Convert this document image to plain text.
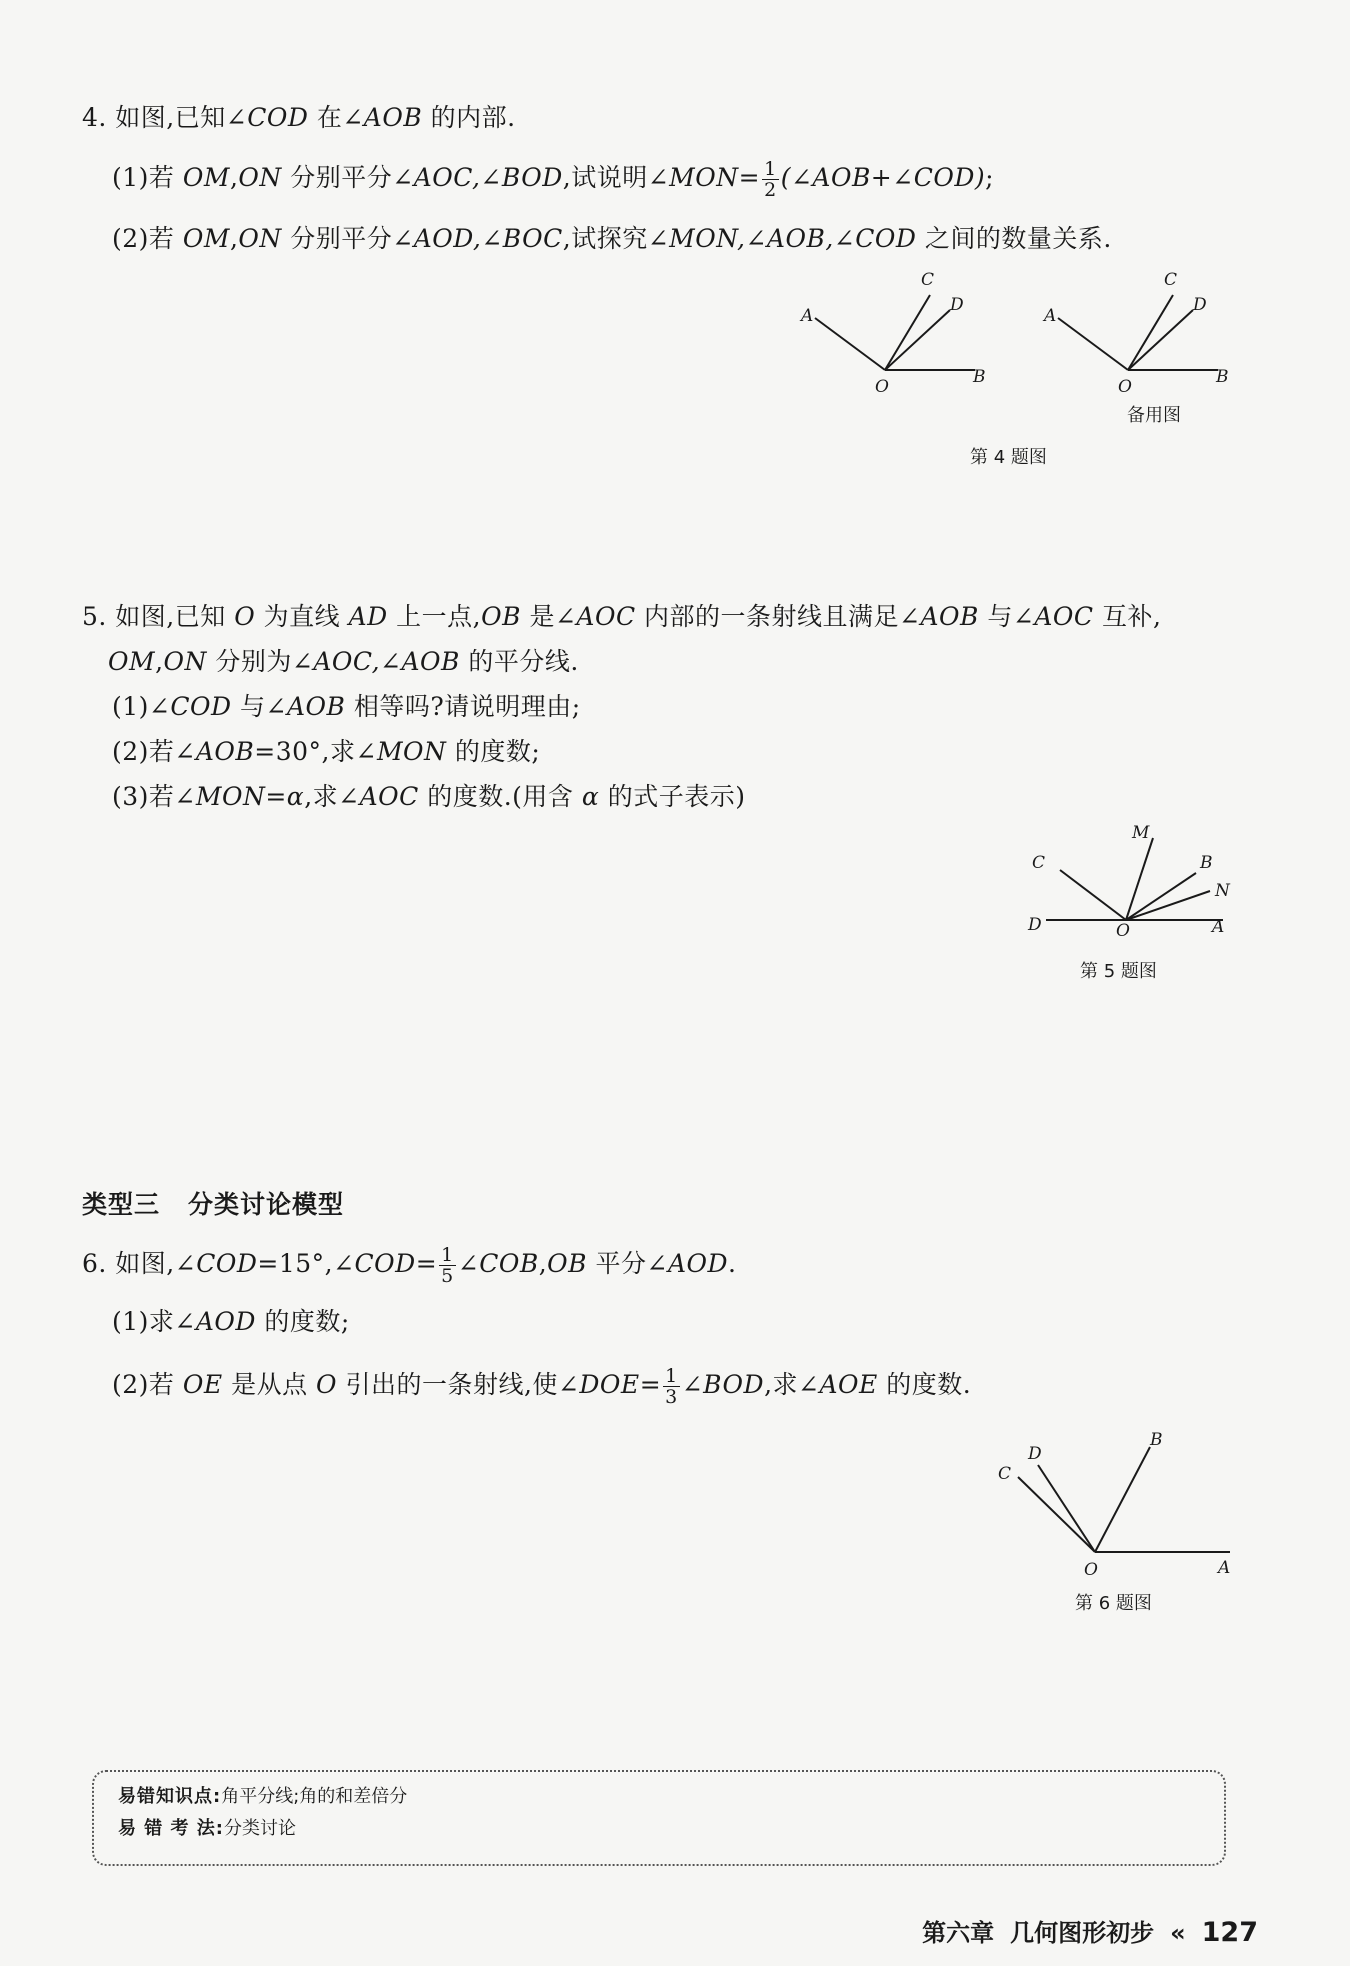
4. 如图,已知∠COD 在∠AOB 的内部.
(1)若 OM,ON 分别平分∠AOC,∠BOD,试说明∠MON= $\frac{1}{2}$ (∠AOB+∠COD);
(2)若 OM,ON 分别平分∠AOD,∠BOC,试探究∠MON,∠AOB,∠COD 之间的数量关系.
A
C
D
O	B
A
C
D
O	B
备用图
第 4 题图
5. 如图,已知 O 为直线 AD 上一点,OB 是∠AOC 内部的一条射线且满足∠AOB 与∠AOC 互补,
OM,ON 分别为∠AOC,∠AOB 的平分线.
(1)∠COD 与∠AOB 相等吗?请说明理由;
(2)若∠AOB=30°,求∠MON 的度数;
(3)若∠MON=α,求∠AOC 的度数.(用含 α 的式子表示)
M
C	B
N
D	O	A
第 5 题图
类型三 分类讨论模型
6. 如图,∠COD=15°,∠COD= $\frac{1}{5}$ ∠COB,OB 平分∠AOD.
(1)求∠AOD 的度数;
(2)若 OE 是从点 O 引出的一条射线,使∠DOE= $\frac{1}{3}$ ∠BOD,求∠AOE 的度数.
D
B
C
O	A
第 6 题图
易错知识点:角平分线;角的和差倍分
易 错 考 法:分类讨论
第六章 几何图形初步 « 127
